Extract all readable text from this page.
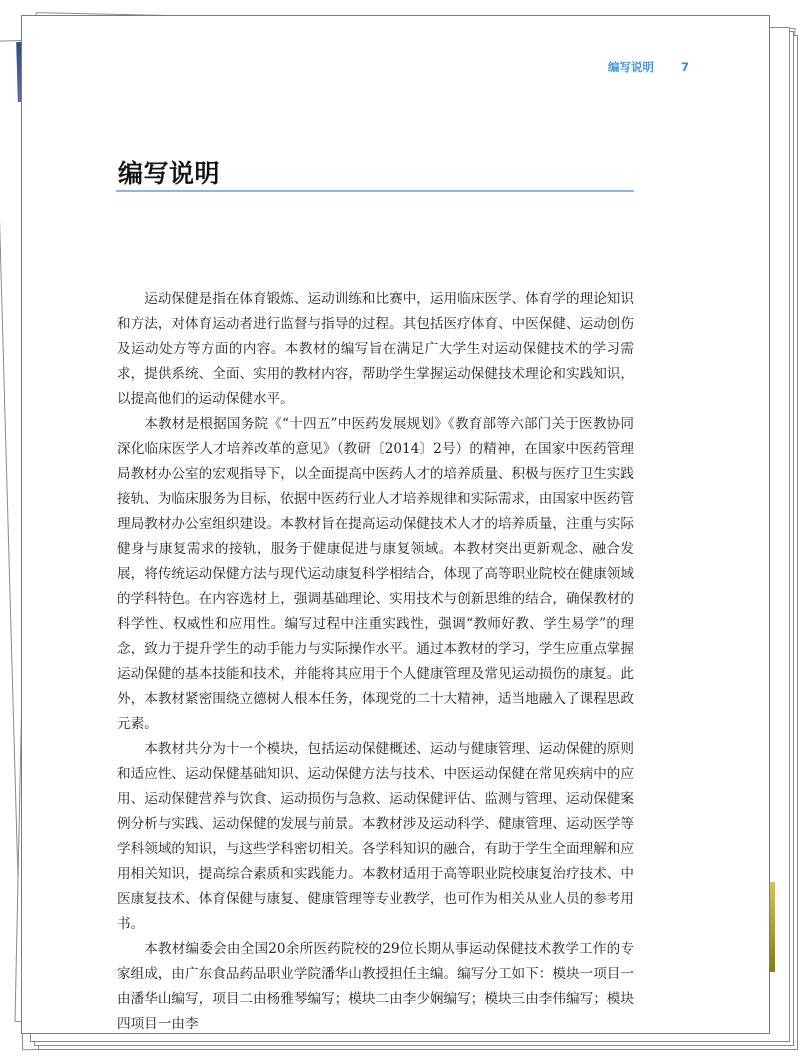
编写说明 7
编写说明

运动保健是指在体育锻炼、运动训练和比赛中，运用临床医学、体育学的理论知识和方法，对体育运动者进行监督与指导的过程。其包括医疗体育、中医保健、运动创伤及运动处方等方面的内容。本教材的编写旨在满足广大学生对运动保健技术的学习需求，提供系统、全面、实用的教材内容，帮助学生掌握运动保健技术理论和实践知识，以提高他们的运动保健水平。

本教材是根据国务院《“十四五”中医药发展规划》《教育部等六部门关于医教协同深化临床医学人才培养改革的意见》（教研〔2014〕2号）的精神，在国家中医药管理局教材办公室的宏观指导下，以全面提高中医药人才的培养质量、积极与医疗卫生实践接轨、为临床服务为目标，依据中医药行业人才培养规律和实际需求，由国家中医药管理局教材办公室组织建设。本教材旨在提高运动保健技术人才的培养质量，注重与实际健身与康复需求的接轨，服务于健康促进与康复领域。本教材突出更新观念、融合发展，将传统运动保健方法与现代运动康复科学相结合，体现了高等职业院校在健康领域的学科特色。在内容选材上，强调基础理论、实用技术与创新思维的结合，确保教材的科学性、权威性和应用性。编写过程中注重实践性，强调“教师好教、学生易学”的理念，致力于提升学生的动手能力与实际操作水平。通过本教材的学习，学生应重点掌握运动保健的基本技能和技术，并能将其应用于个人健康管理及常见运动损伤的康复。此外，本教材紧密围绕立德树人根本任务，体现党的二十大精神，适当地融入了课程思政元素。

本教材共分为十一个模块，包括运动保健概述、运动与健康管理、运动保健的原则和适应性、运动保健基础知识、运动保健方法与技术、中医运动保健在常见疾病中的应用、运动保健营养与饮食、运动损伤与急救、运动保健评估、监测与管理、运动保健案例分析与实践、运动保健的发展与前景。本教材涉及运动科学、健康管理、运动医学等学科领域的知识，与这些学科密切相关。各学科知识的融合，有助于学生全面理解和应用相关知识，提高综合素质和实践能力。本教材适用于高等职业院校康复治疗技术、中医康复技术、体育保健与康复、健康管理等专业教学，也可作为相关从业人员的参考用书。

本教材编委会由全国20余所医药院校的29位长期从事运动保健技术教学工作的专家组成，由广东食品药品职业学院潘华山教授担任主编。编写分工如下：模块一项目一由潘华山编写，项目二由杨雅琴编写；模块二由李少娴编写；模块三由李伟编写；模块四项目一由李
